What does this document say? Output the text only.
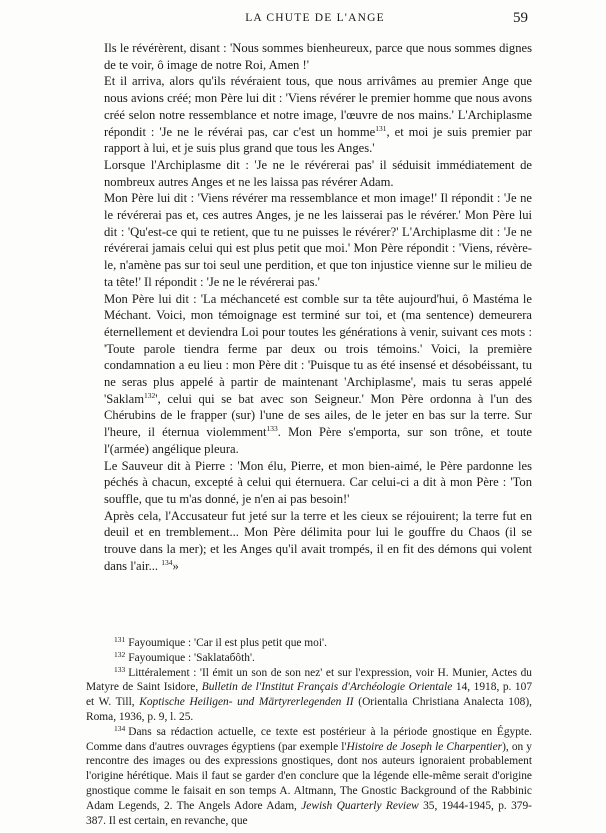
LA CHUTE DE L'ANGE	59

Ils le révérèrent, disant : 'Nous sommes bienheureux, parce que nous sommes dignes de te voir, ô image de notre Roi, Amen !'

Et il arriva, alors qu'ils révéraient tous, que nous arrivâmes au premier Ange que nous avions créé; mon Père lui dit : 'Viens révérer le premier homme que nous avons créé selon notre ressemblance et notre image, l'œuvre de nos mains.' L'Archiplasme répondit : 'Je ne le révérai pas, car c'est un homme$^{131}$, et moi je suis premier par rapport à lui, et je suis plus grand que tous les Anges.'

Lorsque l'Archiplasme dit : 'Je ne le révérerai pas' il séduisit immédiatement de nombreux autres Anges et ne les laissa pas révérer Adam.

Mon Père lui dit : 'Viens révérer ma ressemblance et mon image!' Il répondit : 'Je ne le révérerai pas et, ces autres Anges, je ne les laisserai pas le révérer.' Mon Père lui dit : 'Qu'est-ce qui te retient, que tu ne puisses le révérer?' L'Archiplasme dit : 'Je ne révérerai jamais celui qui est plus petit que moi.' Mon Père répondit : 'Viens, révère-le, n'amène pas sur toi seul une perdition, et que ton injustice vienne sur le milieu de ta tête!' Il répondit : 'Je ne le révérerai pas.'

Mon Père lui dit : 'La méchanceté est comble sur ta tête aujourd'hui, ô Mastéma le Méchant. Voici, mon témoignage est terminé sur toi, et (ma sentence) demeurera éternellement et deviendra Loi pour toutes les générations à venir, suivant ces mots : 'Toute parole tiendra ferme par deux ou trois témoins.' Voici, la première condamnation a eu lieu : mon Père dit : 'Puisque tu as été insensé et désobéissant, tu ne seras plus appelé à partir de maintenant 'Archiplasme', mais tu seras appelé 'Saklam$^{132}$', celui qui se bat avec son Seigneur.' Mon Père ordonna à l'un des Chérubins de le frapper (sur) l'une de ses ailes, de le jeter en bas sur la terre. Sur l'heure, il éternua violemment$^{133}$. Mon Père s'emporta, sur son trône, et toute l'(armée) angélique pleura.

Le Sauveur dit à Pierre : 'Mon élu, Pierre, et mon bien-aimé, le Père pardonne les péchés à chacun, excepté à celui qui éternuera. Car celui-ci a dit à mon Père : 'Ton souffle, que tu m'as donné, je n'en ai pas besoin!'

Après cela, l'Accusateur fut jeté sur la terre et les cieux se réjouirent; la terre fut en deuil et en tremblement... Mon Père délimita pour lui le gouffre du Chaos (il se trouve dans la mer); et les Anges qu'il avait trompés, il en fit des démons qui volent dans l'air... $^{134}$»

$^{131}$ Fayoumique : 'Car il est plus petit que moi'.

$^{132}$ Fayoumique : 'Saklataбôth'.

$^{133}$ Littéralement : 'Il émit un son de son nez' et sur l'expression, voir H. Munier, Actes du Matyre de Saint Isidore, Bulletin de l'Institut Français d'Archéologie Orientale 14, 1918, p. 107 et W. Till, Koptische Heiligen- und Märtyrerlegenden II (Orientalia Christiana Analecta 108), Roma, 1936, p. 9, l. 25.

$^{134}$ Dans sa rédaction actuelle, ce texte est postérieur à la période gnostique en Égypte. Comme dans d'autres ouvrages égyptiens (par exemple l'Histoire de Joseph le Charpentier), on y rencontre des images ou des expressions gnostiques, dont nos auteurs ignoraient probablement l'origine hérétique. Mais il faut se garder d'en conclure que la légende elle-même serait d'origine gnostique comme le faisait en son temps A. Altmann, The Gnostic Background of the Rabbinic Adam Legends, 2. The Angels Adore Adam, Jewish Quarterly Review 35, 1944-1945, p. 379-387. Il est certain, en revanche, que
